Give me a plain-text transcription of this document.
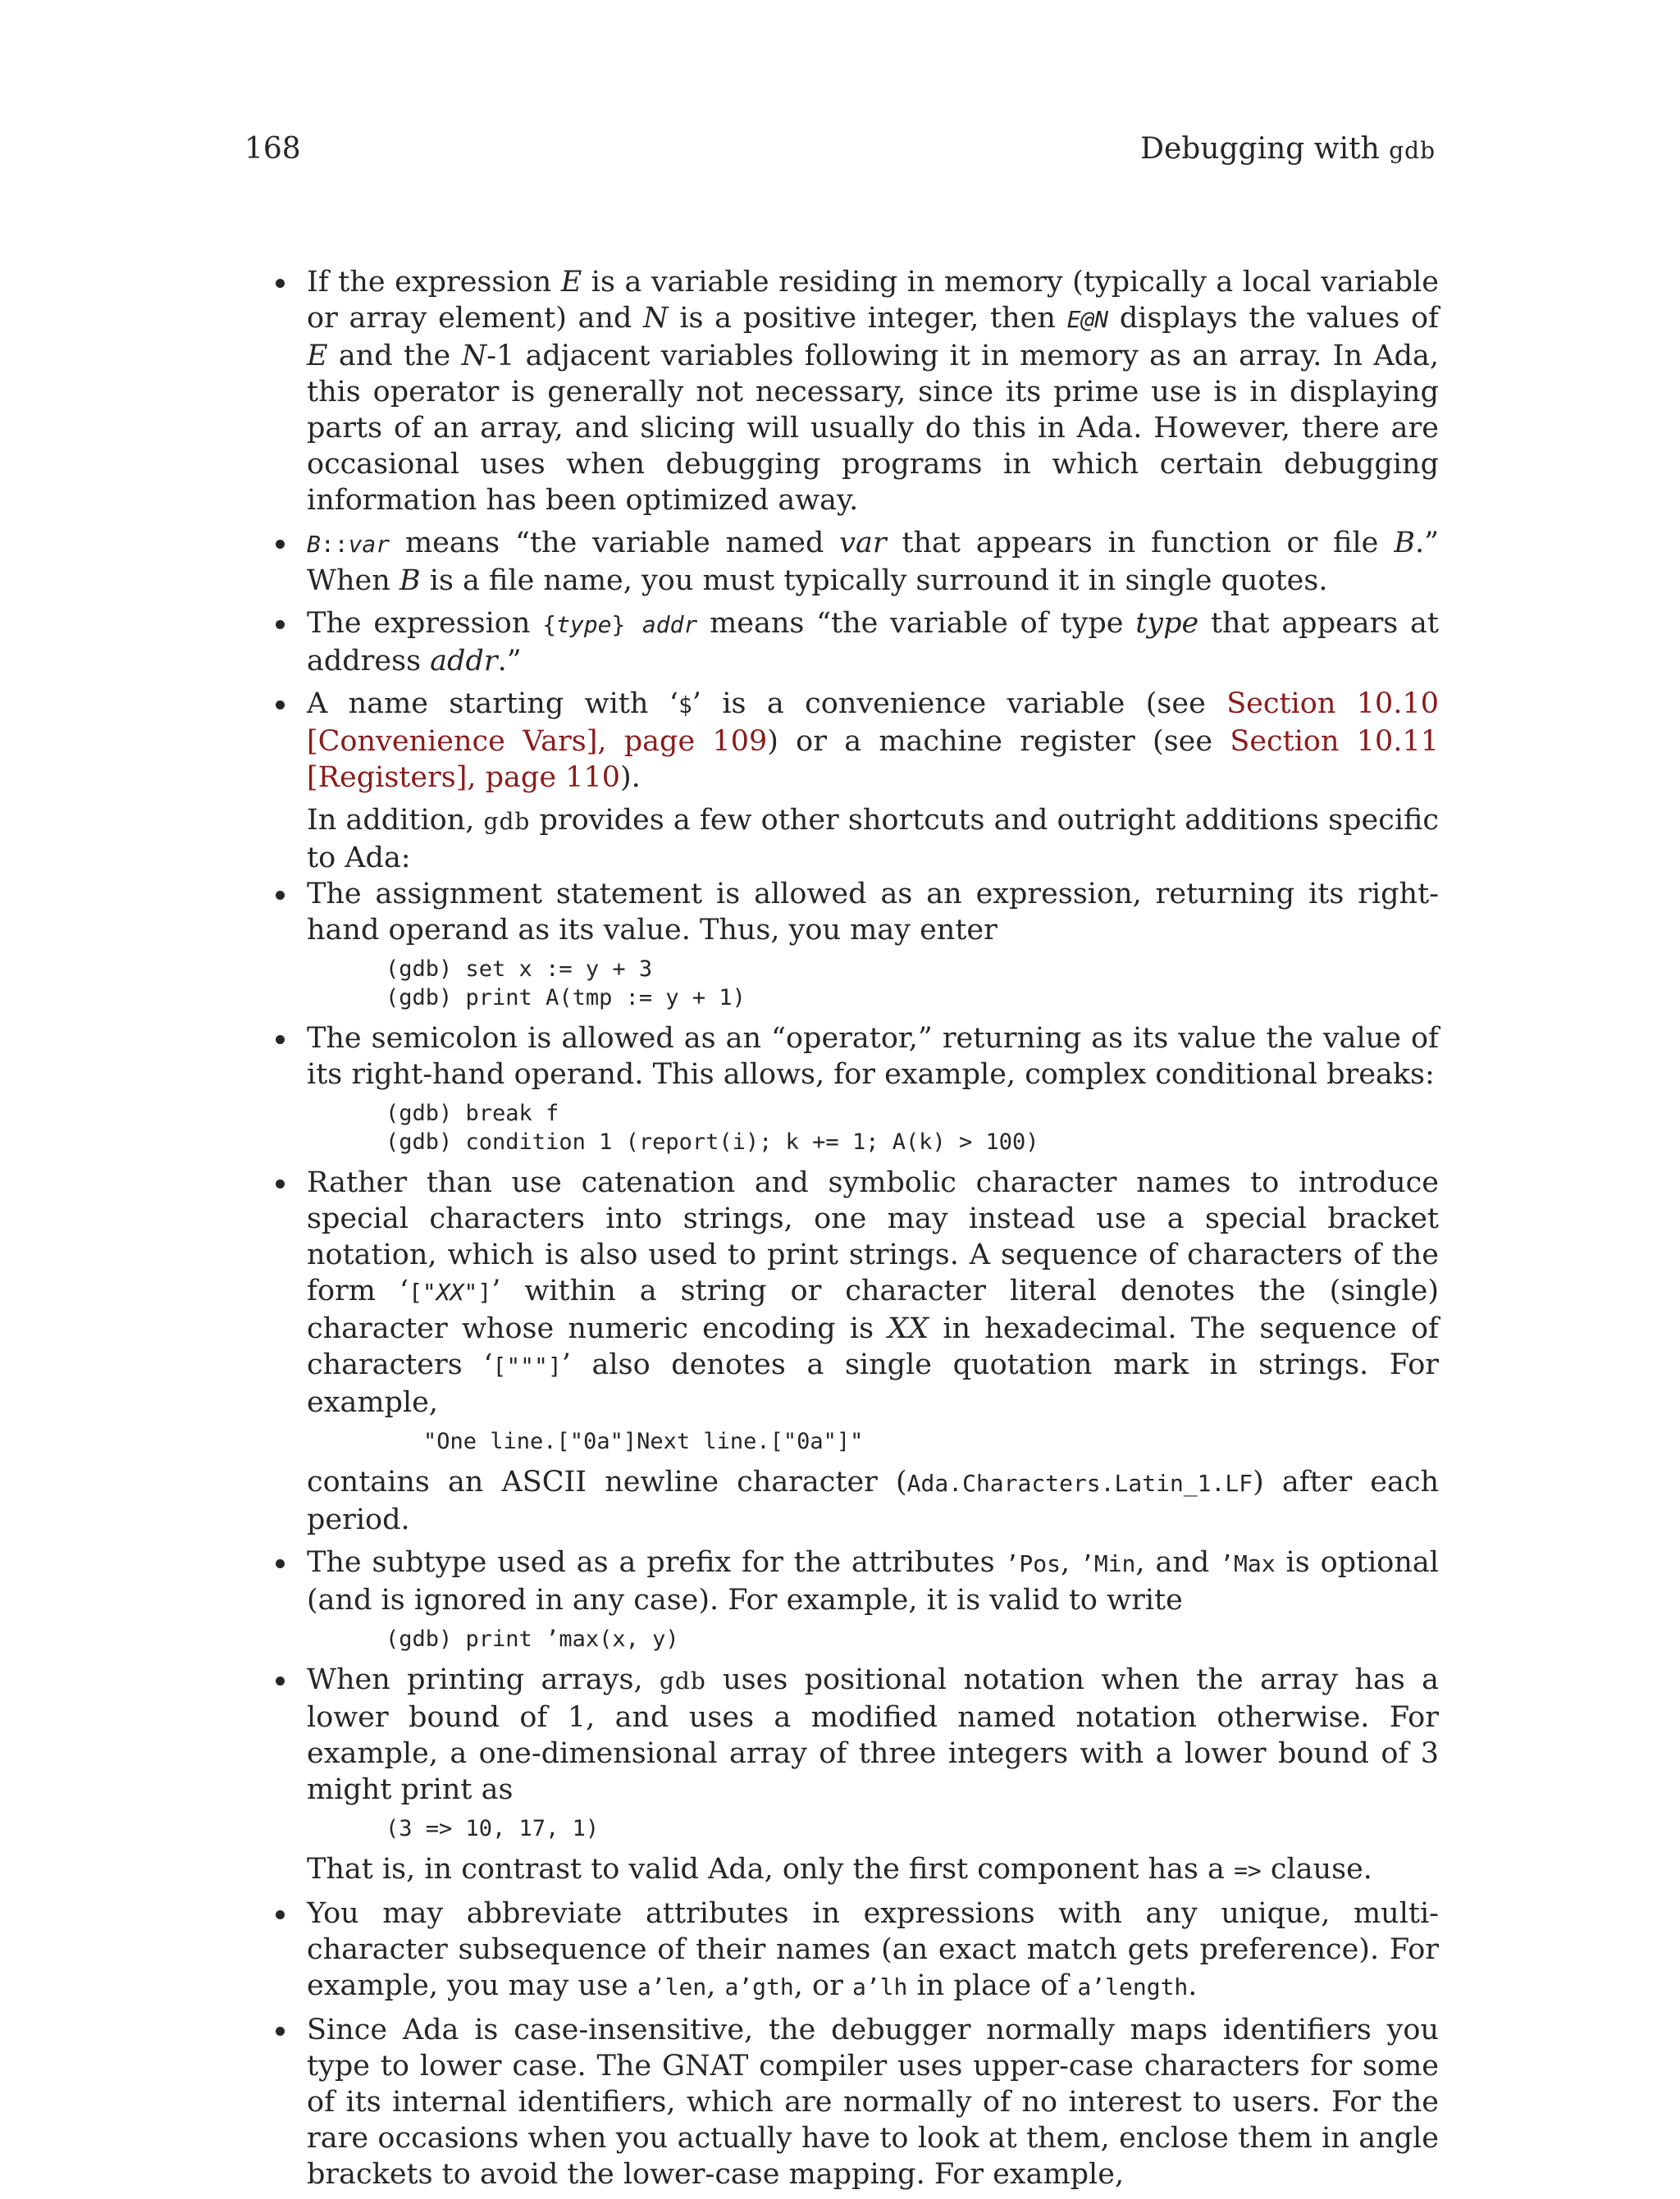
168	Debugging with gdb

If the expression E is a variable residing in memory (typically a local variable or array element) and N is a positive integer, then E@N displays the values of E and the N-1 adjacent variables following it in memory as an array. In Ada, this operator is generally not necessary, since its prime use is in displaying parts of an array, and slicing will usually do this in Ada. However, there are occasional uses when debugging programs in which certain debugging information has been optimized away.

B::var means “the variable named var that appears in function or file B.” When B is a file name, you must typically surround it in single quotes.

The expression {type} addr means “the variable of type type that appears at address addr.”

A name starting with ‘$’ is a convenience variable (see Section 10.10 [Convenience Vars], page 109) or a machine register (see Section 10.11 [Registers], page 110).

In addition, gdb provides a few other shortcuts and outright additions specific to Ada:

The assignment statement is allowed as an expression, returning its right-hand operand as its value. Thus, you may enter

(gdb) set x := y + 3
(gdb) print A(tmp := y + 1)

The semicolon is allowed as an “operator,” returning as its value the value of its right-hand operand. This allows, for example, complex conditional breaks:

(gdb) break f
(gdb) condition 1 (report(i); k += 1; A(k) > 100)

Rather than use catenation and symbolic character names to introduce special characters into strings, one may instead use a special bracket notation, which is also used to print strings. A sequence of characters of the form ‘["XX"]’ within a string or character literal denotes the (single) character whose numeric encoding is XX in hexadecimal. The sequence of characters ‘["""]’ also denotes a single quotation mark in strings. For example,

"One line.["0a"]Next line.["0a"]"

contains an ASCII newline character (Ada.Characters.Latin_1.LF) after each period.

The subtype used as a prefix for the attributes ’Pos, ’Min, and ’Max is optional (and is ignored in any case). For example, it is valid to write

(gdb) print ’max(x, y)

When printing arrays, gdb uses positional notation when the array has a lower bound of 1, and uses a modified named notation otherwise. For example, a one-dimensional array of three integers with a lower bound of 3 might print as

(3 => 10, 17, 1)

That is, in contrast to valid Ada, only the first component has a => clause.

You may abbreviate attributes in expressions with any unique, multi-character subsequence of their names (an exact match gets preference). For example, you may use a’len, a’gth, or a’lh in place of a’length.

Since Ada is case-insensitive, the debugger normally maps identifiers you type to lower case. The GNAT compiler uses upper-case characters for some of its internal identifiers, which are normally of no interest to users. For the rare occasions when you actually have to look at them, enclose them in angle brackets to avoid the lower-case mapping. For example,
